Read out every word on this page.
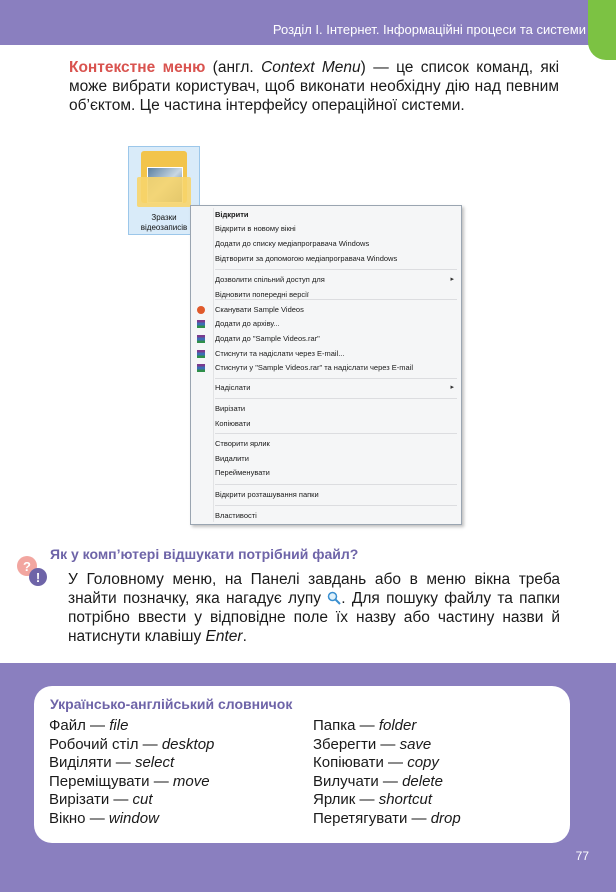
Розділ І. Інтернет. Інформаційні процеси та системи

Контекстне меню (англ. Context Menu) — це список команд, які може вибрати користувач, щоб виконати необхідну дію над певним об’єктом. Це частина інтерфейсу операційної системи.

Зразки відеозаписів
Відкрити
Відкрити в новому вікні
Додати до списку медіапрогравача Windows
Відтворити за допомогою медіапрогравача Windows
Дозволити спільний доступ для	▸
Відновити попередні версії
Сканувати Sample Videos
Додати до архіву...
Додати до "Sample Videos.rar"
Стиснути та надіслати через E-mail...
Стиснути у "Sample Videos.rar" та надіслати через E-mail
Надіслати	▸
Вирізати
Копіювати
Створити ярлик
Видалити
Перейменувати
Відкрити розташування папки
Властивості
?
!
Як у комп’ютері відшукати потрібний файл?

У Головному меню, на Панелі завдань або в меню вікна треба знайти позначку, яка нагадує лупу . Для пошуку файлу та папки потрібно ввести у відповідне поле їх назву або частину назви й натиснути клавішу Enter.

Українсько-англійський словничок
Файл — file
Робочий стіл — desktop
Виділяти — select
Переміщувати — move
Вирізати — cut
Вікно — window
Папка — folder
Зберегти — save
Копіювати — copy
Вилучати — delete
Ярлик — shortcut
Перетягувати — drop
77
